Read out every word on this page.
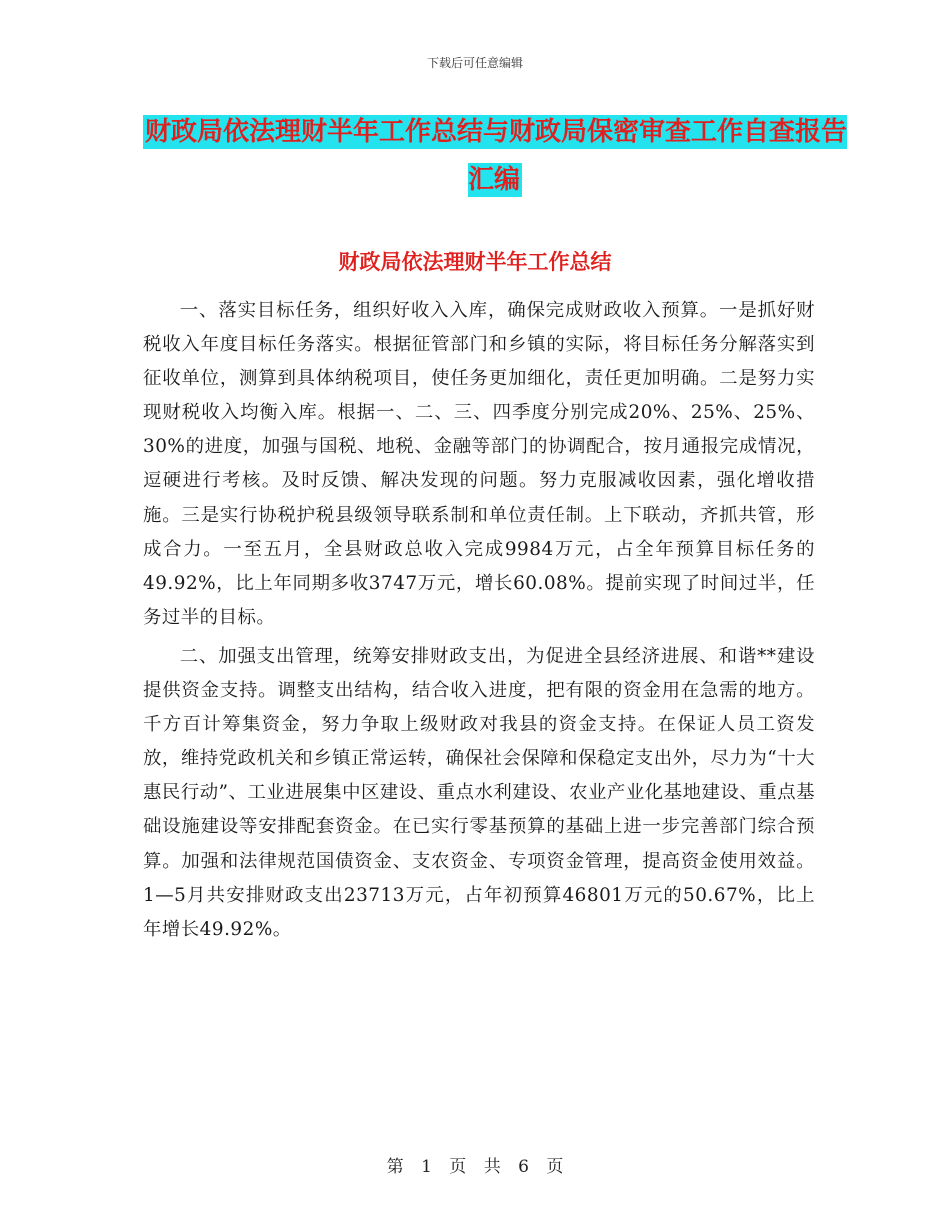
下载后可任意编辑
财政局依法理财半年工作总结与财政局保密审查工作自查报告汇编
财政局依法理财半年工作总结

一、落实目标任务，组织好收入入库，确保完成财政收入预算。一是抓好财税收入年度目标任务落实。根据征管部门和乡镇的实际，将目标任务分解落实到征收单位，测算到具体纳税项目，使任务更加细化，责任更加明确。二是努力实现财税收入均衡入库。根据一、二、三、四季度分别完成20%、25%、25%、30%的进度，加强与国税、地税、金融等部门的协调配合，按月通报完成情况，逗硬进行考核。及时反馈、解决发现的问题。努力克服减收因素，强化增收措施。三是实行协税护税县级领导联系制和单位责任制。上下联动，齐抓共管，形成合力。一至五月，全县财政总收入完成9984万元，占全年预算目标任务的49.92%，比上年同期多收3747万元，增长60.08%。提前实现了时间过半，任务过半的目标。

二、加强支出管理，统筹安排财政支出，为促进全县经济进展、和谐**建设提供资金支持。调整支出结构，结合收入进度，把有限的资金用在急需的地方。千方百计筹集资金，努力争取上级财政对我县的资金支持。在保证人员工资发放，维持党政机关和乡镇正常运转，确保社会保障和保稳定支出外，尽力为“十大惠民行动”、工业进展集中区建设、重点水利建设、农业产业化基地建设、重点基础设施建设等安排配套资金。在已实行零基预算的基础上进一步完善部门综合预算。加强和法律规范国债资金、支农资金、专项资金管理，提高资金使用效益。1—5月共安排财政支出23713万元，占年初预算46801万元的50.67%，比上年增长49.92%。

第 1 页 共 6 页
